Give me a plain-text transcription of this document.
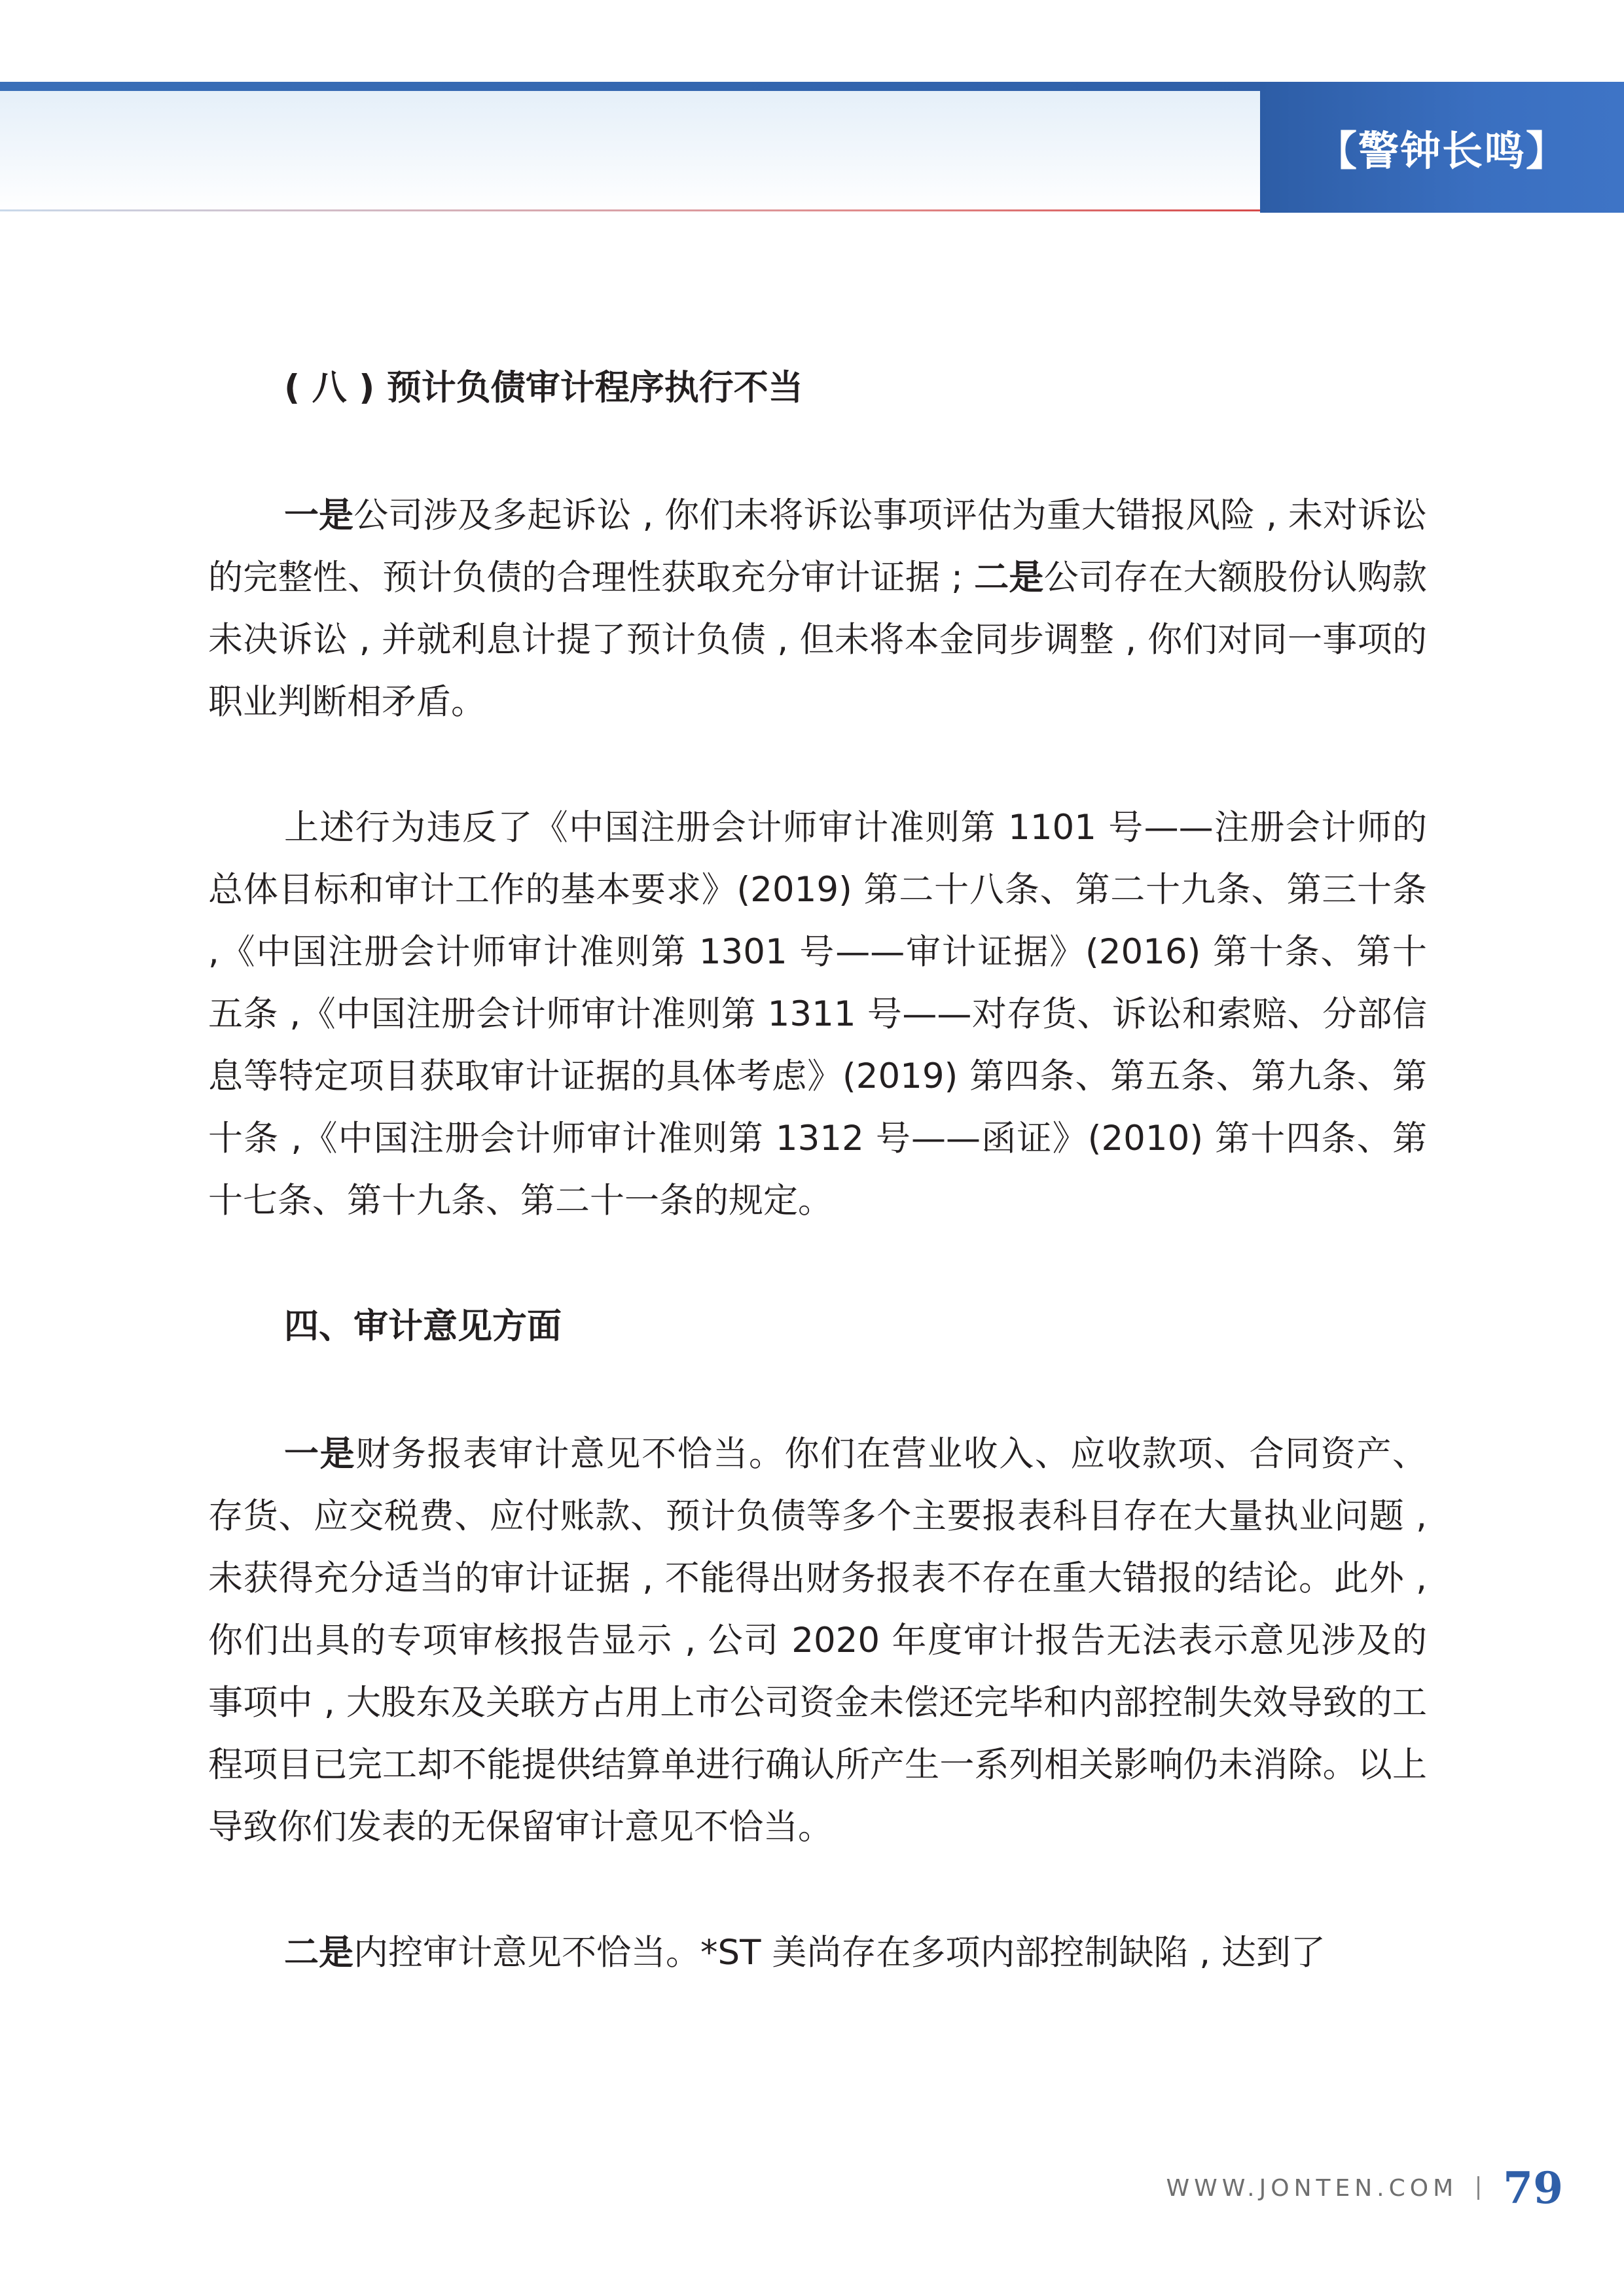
【警钟长鸣】

( 八 ) 预计负债审计程序执行不当

一是公司涉及多起诉讼 , 你们未将诉讼事项评估为重大错报风险 , 未对诉讼的完整性、预计负债的合理性获取充分审计证据 ; 二是公司存在大额股份认购款未决诉讼 , 并就利息计提了预计负债 , 但未将本金同步调整 , 你们对同一事项的职业判断相矛盾。

上述行为违反了《中国注册会计师审计准则第 1101 号——注册会计师的总体目标和审计工作的基本要求》(2019) 第二十八条、第二十九条、第三十条 ,《中国注册会计师审计准则第 1301 号——审计证据》(2016) 第十条、第十五条 ,《中国注册会计师审计准则第 1311 号——对存货、诉讼和索赔、分部信息等特定项目获取审计证据的具体考虑》(2019) 第四条、第五条、第九条、第十条 ,《中国注册会计师审计准则第 1312 号——函证》(2010) 第十四条、第十七条、第十九条、第二十一条的规定。

四、审计意见方面

一是财务报表审计意见不恰当。你们在营业收入、应收款项、合同资产、存货、应交税费、应付账款、预计负债等多个主要报表科目存在大量执业问题 , 未获得充分适当的审计证据 , 不能得出财务报表不存在重大错报的结论。此外 , 你们出具的专项审核报告显示 , 公司 2020 年度审计报告无法表示意见涉及的事项中 , 大股东及关联方占用上市公司资金未偿还完毕和内部控制失效导致的工程项目已完工却不能提供结算单进行确认所产生一系列相关影响仍未消除。以上导致你们发表的无保留审计意见不恰当。

二是内控审计意见不恰当。*ST 美尚存在多项内部控制缺陷 , 达到了

WWW.JONTEN.COM 79
